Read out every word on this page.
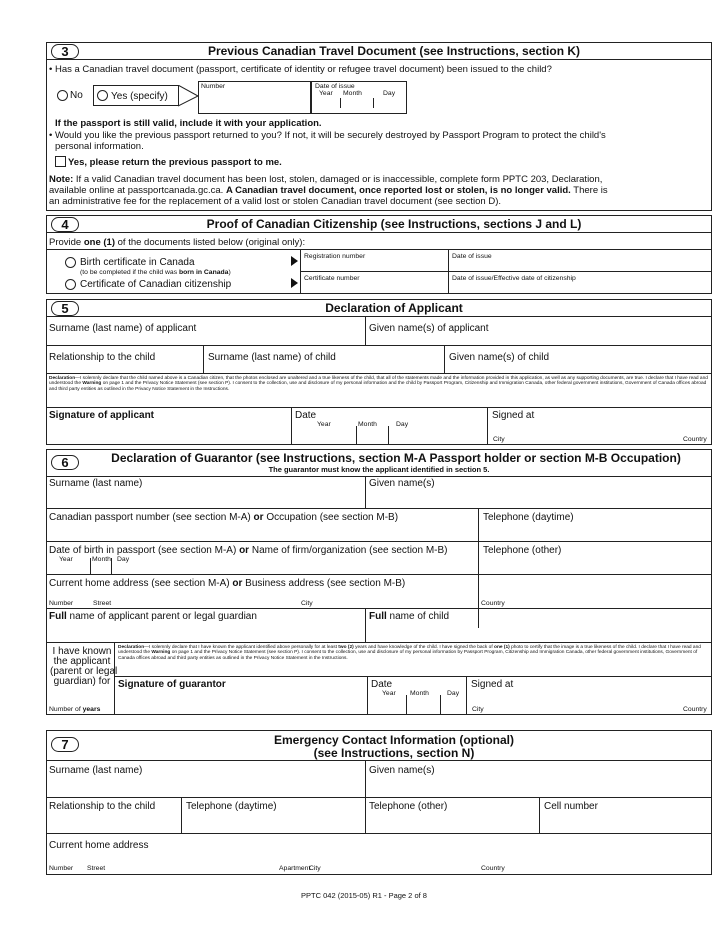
3	Previous Canadian Travel Document (see Instructions, section K)
• Has a Canadian travel document (passport, certificate of identity or refugee travel document) been issued to the child?
No	Yes (specify)
Number	Date of issue
Year Month	Day
If the passport is still valid, include it with your application.
• Would you like the previous passport returned to you? If not, it will be securely destroyed by Passport Program to protect the child's
personal information.
Yes, please return the previous passport to me.
Note: If a valid Canadian travel document has been lost, stolen, damaged or is inaccessible, complete form PPTC 203, Declaration,
available online at passportcanada.gc.ca. A Canadian travel document, once reported lost or stolen, is no longer valid. There is
an administrative fee for the replacement of a valid lost or stolen Canadian travel document (see section D).
4	Proof of Canadian Citizenship (see Instructions, sections J and L)
Provide one (1) of the documents listed below (original only):
Birth certificate in Canada
(to be completed if the child was born in Canada)
Certificate of Canadian citizenship
Registration number	Date of issue
Certificate number	Date of issue/Effective date of citizenship
5	Declaration of Applicant
Surname (last name) of applicant	Given name(s) of applicant
Relationship to the child	Surname (last name) of child	Given name(s) of child
Declaration—I solemnly declare that the child named above is a Canadian citizen, that the photos enclosed are unaltered and a true likeness of the child, that all of the statements made and the information provided in this application, as well as any supporting documents, are true. I declare that I have read and understood the Warning on page 1 and the Privacy Notice Statement (see section P). I consent to the collection, use and disclosure of my personal information and the child by Passport Program, Citizenship and Immigration Canada, other federal government institutions, Government of Canada offices abroad and third party entities as outlined in the Privacy Notice Statement in the Instructions.
Signature of applicant	Date
Year	Month	Day
Signed at
City	Country
6	Declaration of Guarantor (see Instructions, section M-A Passport holder or section M-B Occupation)
The guarantor must know the applicant identified in section 5.
Surname (last name)	Given name(s)
Canadian passport number (see section M-A) or Occupation (see section M-B)	Telephone (daytime)
Date of birth in passport (see section M-A) or Name of firm/organization (see section M-B)	Telephone (other)
Year	Month Day
Current home address (see section M-A) or Business address (see section M-B)
Number	Street	City	Country
Full name of applicant parent or legal guardian	Full name of child
I have known
the applicant
(parent or legal
guardian) for
Number of years
Declaration—I solemnly declare that I have known the applicant identified above personally for at least two (2) years and have knowledge of the child. I have signed the back of one (1) photo to certify that the image is a true likeness of the child. I declare that I have read and understood the Warning on page 1 and the Privacy Notice Statement (see section P). I consent to the collection, use and disclosure of my personal information by Passport Program, Citizenship and Immigration Canada, other federal government institutions, Government of Canada offices abroad and third party entities as outlined in the Privacy Notice Statement in the Instructions.
Signature of guarantor	Date
Year Month	Day
Signed at
City	Country
7	Emergency Contact Information (optional)
(see Instructions, section N)
Surname (last name)	Given name(s)
Relationship to the child	Telephone (daytime)	Telephone (other)	Cell number
Current home address
Number Street	Apartment
City	Country
PPTC 042 (2015-05) R1 - Page 2 of 8
